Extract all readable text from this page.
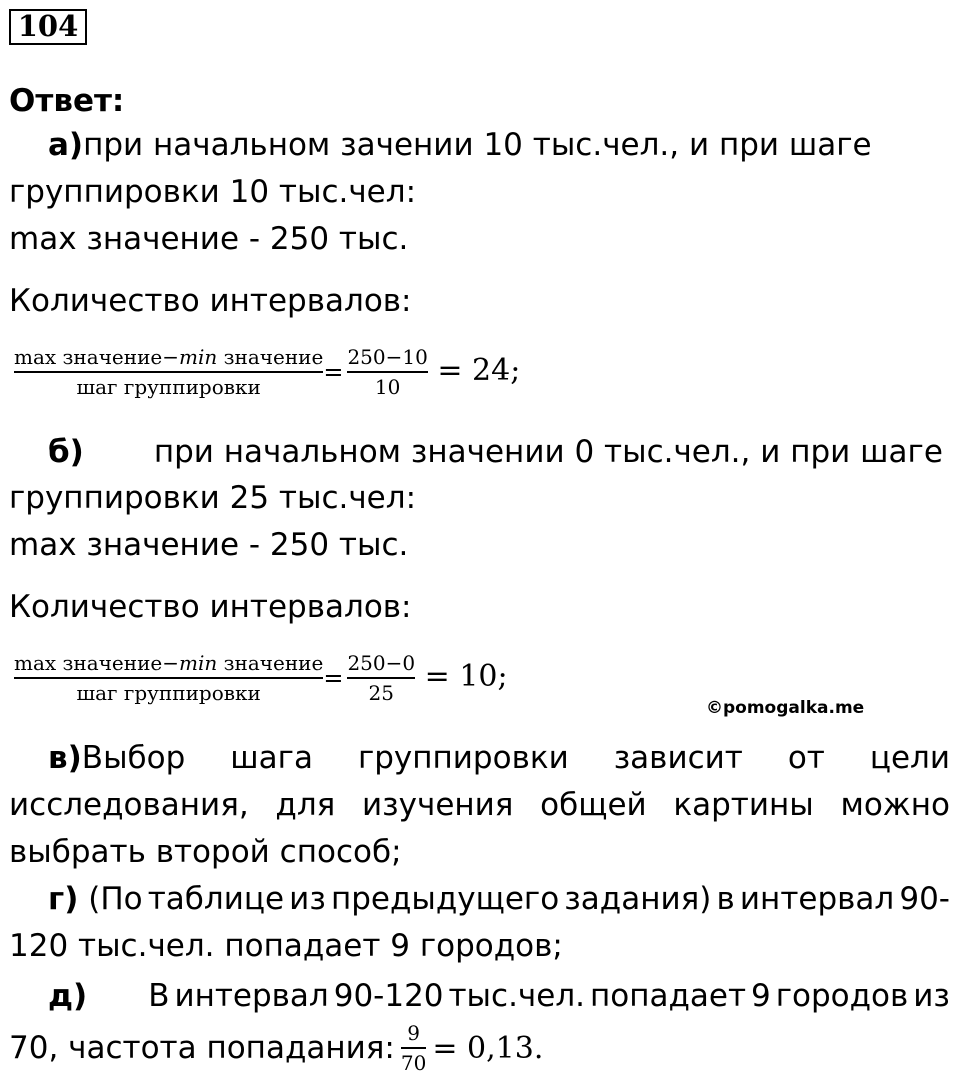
104
Ответ:
а)при начальном зачении 10 тыс.чел., и при шаге
группировки 10 тыс.чел:
max значение - 250 тыс.
Количество интервалов:
$\frac{\text{max значение−min значение}}{\text{шаг группировки}} = \frac{250-10}{10} = 24$;
б) при начальном значении 0 тыс.чел., и при шаге
группировки 25 тыс.чел:
max значение - 250 тыс.
Количество интервалов:
$\frac{\text{max значение−min значение}}{\text{шаг группировки}} = \frac{250-0}{25} = 10$;
©pomogalka.me
в)Выбор шага группировки зависит от цели
исследования, для изучения общей картины можно
выбрать второй способ;
г) (По таблице из предыдущего задания) в интервал 90-
120 тыс.чел. попадает 9 городов;
д) В интервал 90-120 тыс.чел. попадает 9 городов из
70, частота попадания: $\frac{9}{70} = 0,13$.
